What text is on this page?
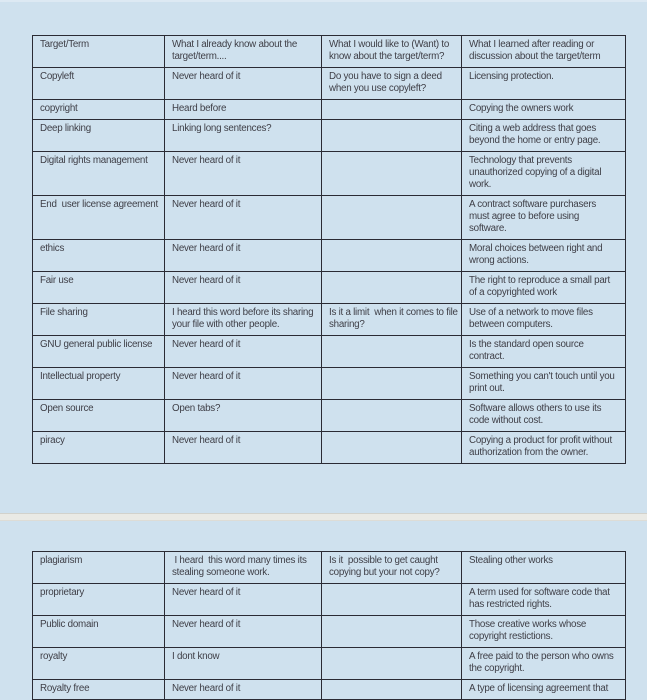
Target/Term	What I already know about the target/term....	What I would like to (Want) to know about the target/term?	What I learned after reading or discussion about the target/term
Copyleft	Never heard of it	Do you have to sign a deed when you use copyleft?	Licensing protection.
copyright	Heard before		Copying the owners work
Deep linking	Linking long sentences?		Citing a web address that goes beyond the home or entry page.
Digital rights management	Never heard of it		Technology that prevents unauthorized copying of a digital work.
End  user license agreement	Never heard of it		A contract software purchasers must agree to before using software.
ethics	Never heard of it		Moral choices between right and wrong actions.
Fair use	Never heard of it		The right to reproduce a small part of a copyrighted work
File sharing	I heard this word before its sharing your file with other people.	Is it a limit  when it comes to file sharing?	Use of a network to move files between computers.
GNU general public license	Never heard of it		Is the standard open source contract.
Intellectual property	Never heard of it		Something you can't touch until you print out.
Open source	Open tabs?		Software allows others to use its code without cost.
piracy	Never heard of it		Copying a product for profit without  authorization from the owner.
plagiarism	I heard  this word many times its stealing someone work.	Is it  possible to get caught copying but your not copy?	Stealing other works
proprietary	Never heard of it		A term used for software code that has restricted rights.
Public domain	Never heard of it		Those creative works whose copyright restictions.
royalty	I dont know		A free paid to the person who owns the copyright.
Royalty free	Never heard of it		A type of licensing agreement that
